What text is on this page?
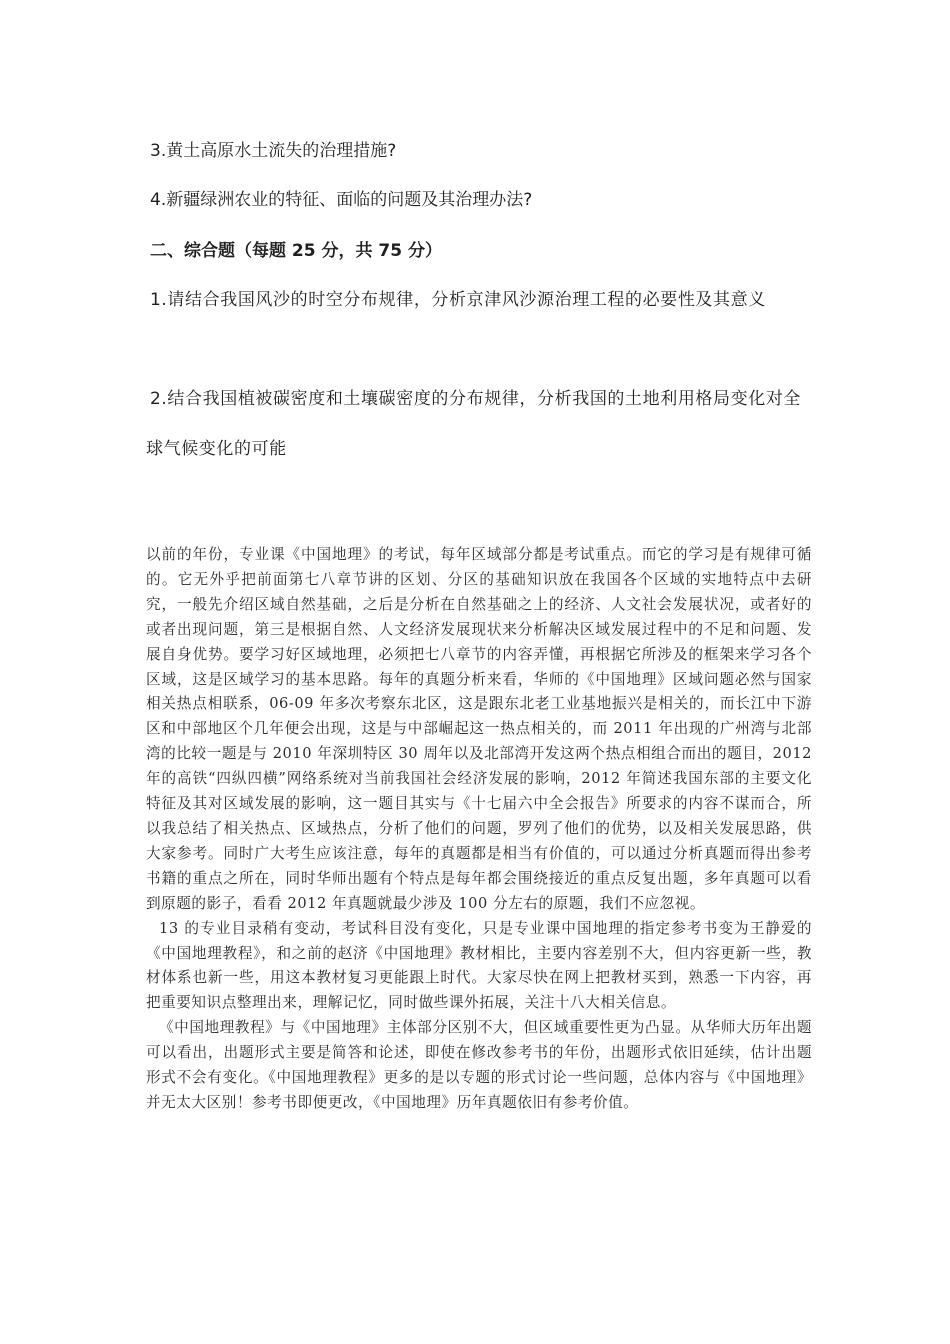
3.黄土高原水土流失的治理措施?
4.新疆绿洲农业的特征、面临的问题及其治理办法?
二、综合题（每题 25 分，共 75 分）
1.请结合我国风沙的时空分布规律，分析京津风沙源治理工程的必要性及其意义
2.结合我国植被碳密度和土壤碳密度的分布规律，分析我国的土地利用格局变化对全球气候变化的可能

以前的年份，专业课《中国地理》的考试，每年区域部分都是考试重点。而它的学习是有规律可循的。它无外乎把前面第七八章节讲的区划、分区的基础知识放在我国各个区域的实地特点中去研究，一般先介绍区域自然基础，之后是分析在自然基础之上的经济、人文社会发展状况，或者好的或者出现问题，第三是根据自然、人文经济发展现状来分析解决区域发展过程中的不足和问题、发展自身优势。要学习好区域地理，必须把七八章节的内容弄懂，再根据它所涉及的框架来学习各个区域，这是区域学习的基本思路。每年的真题分析来看，华师的《中国地理》区域问题必然与国家相关热点相联系，06-09 年多次考察东北区，这是跟东北老工业基地振兴是相关的，而长江中下游区和中部地区个几年便会出现，这是与中部崛起这一热点相关的，而 2011 年出现的广州湾与北部湾的比较一题是与 2010 年深圳特区 30 周年以及北部湾开发这两个热点相组合而出的题目，2012 年的高铁“四纵四横”网络系统对当前我国社会经济发展的影响，2012 年简述我国东部的主要文化特征及其对区域发展的影响，这一题目其实与《十七届六中全会报告》所要求的内容不谋而合，所以我总结了相关热点、区域热点，分析了他们的问题，罗列了他们的优势，以及相关发展思路，供大家参考。同时广大考生应该注意，每年的真题都是相当有价值的，可以通过分析真题而得出参考书籍的重点之所在，同时华师出题有个特点是每年都会围绕接近的重点反复出题，多年真题可以看到原题的影子，看看 2012 年真题就最少涉及 100 分左右的原题，我们不应忽视。

13 的专业目录稍有变动，考试科目没有变化，只是专业课中国地理的指定参考书变为王静爱的《中国地理教程》，和之前的赵济《中国地理》教材相比，主要内容差别不大，但内容更新一些，教材体系也新一些，用这本教材复习更能跟上时代。大家尽快在网上把教材买到，熟悉一下内容，再把重要知识点整理出来，理解记忆，同时做些课外拓展，关注十八大相关信息。

《中国地理教程》与《中国地理》主体部分区别不大，但区域重要性更为凸显。从华师大历年出题可以看出，出题形式主要是简答和论述，即使在修改参考书的年份，出题形式依旧延续，估计出题形式不会有变化。《中国地理教程》更多的是以专题的形式讨论一些问题，总体内容与《中国地理》并无太大区别！参考书即便更改，《中国地理》历年真题依旧有参考价值。
